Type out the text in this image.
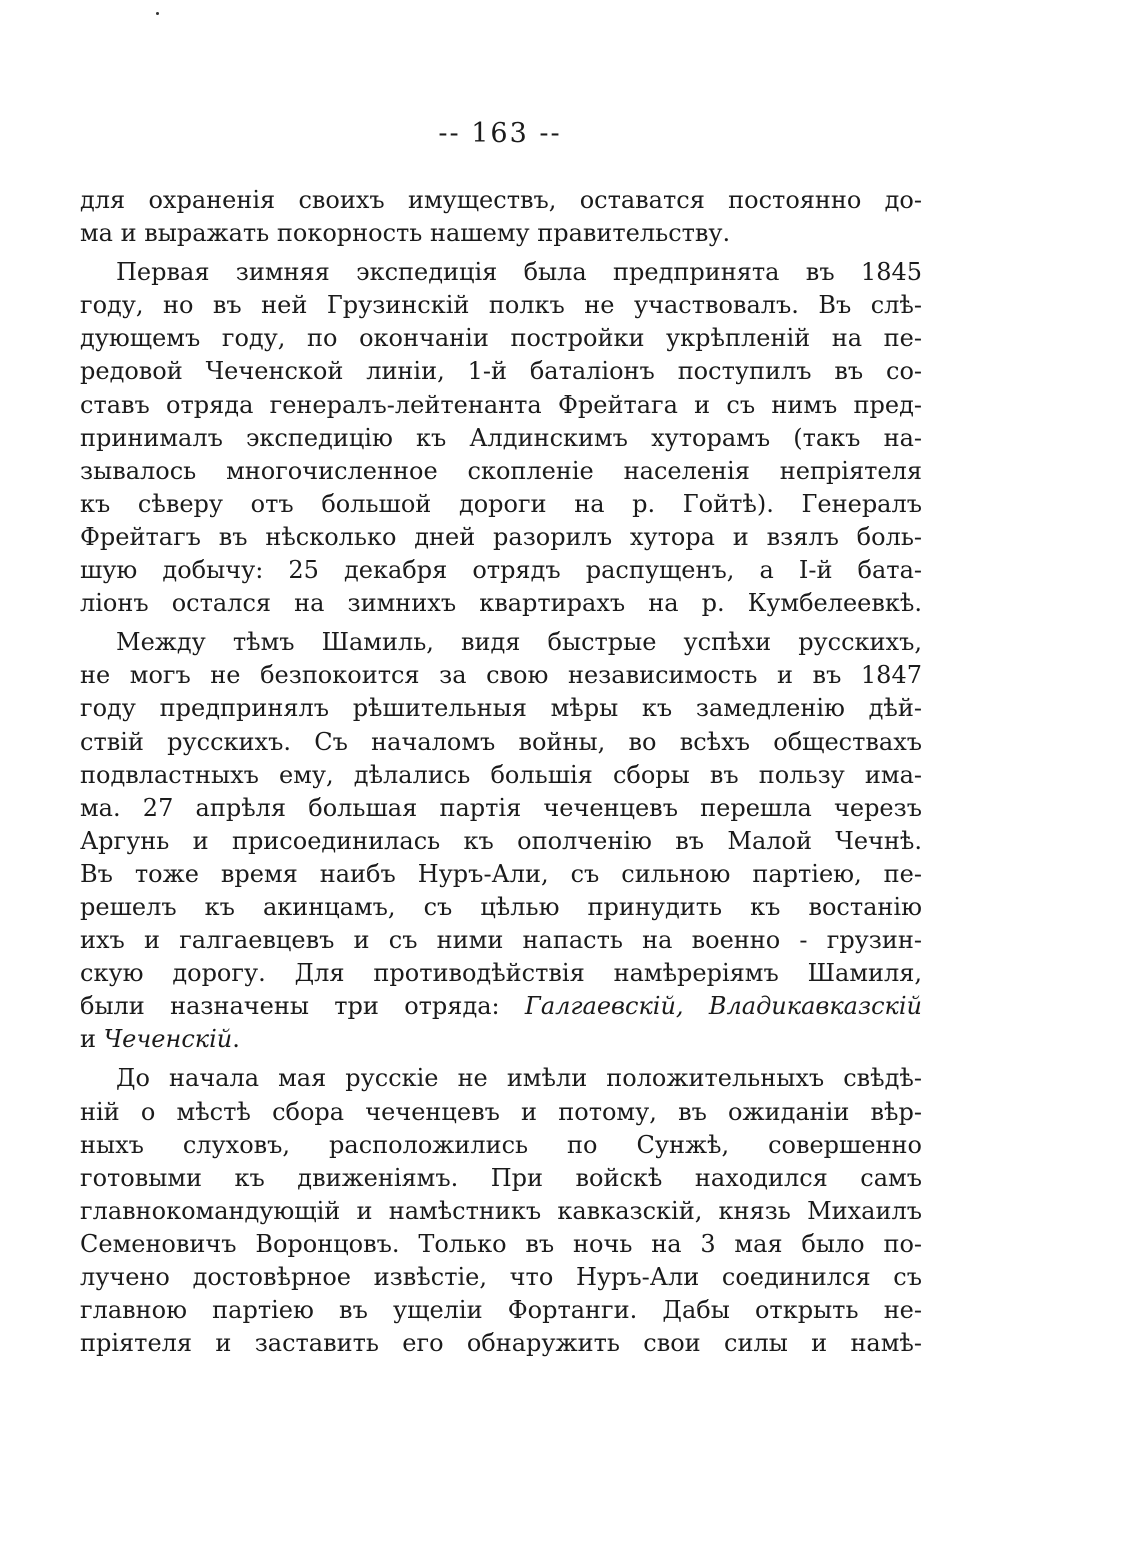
-- 163 --
для охраненія своихъ имуществъ, оставатся постоянно до-
ма и выражать покорность нашему правительству.
Первая зимняя экспедиція была предпринята въ 1845
году, но въ ней Грузинскій полкъ не участвовалъ. Въ слѣ-
дующемъ году, по окончаніи постройки укрѣпленій на пе-
редовой Чеченской линіи, 1-й баталіонъ поступилъ въ со-
ставъ отряда генералъ-лейтенанта Фрейтага и съ нимъ пред-
принималъ экспедицію къ Алдинскимъ хуторамъ (такъ на-
зывалось многочисленное скопленіе населенія непріятеля
къ сѣверу отъ большой дороги на р. Гойтѣ). Генералъ
Фрейтагъ въ нѣсколько дней разорилъ хутора и взялъ боль-
шую добычу: 25 декабря отрядъ распущенъ, а I-й бата-
ліонъ остался на зимнихъ квартирахъ на р. Кумбелеевкѣ.
Между тѣмъ Шамиль, видя быстрые успѣхи русскихъ,
не могъ не безпокоится за свою независимость и въ 1847
году предпринялъ рѣшительныя мѣры къ замедленію дѣй-
ствій русскихъ. Съ началомъ войны, во всѣхъ обществахъ
подвластныхъ ему, дѣлались большія сборы въ пользу има-
ма. 27 апрѣля большая партія чеченцевъ перешла черезъ
Аргунь и присоединилась къ ополченію въ Малой Чечнѣ.
Въ тоже время наибъ Нуръ-Али, съ сильною партіею, пе-
решелъ къ акинцамъ, съ цѣлью принудить къ востанію
ихъ и галгаевцевъ и съ ними напасть на военно - грузин-
скую дорогу. Для противодѣйствія намѣреріямъ Шамиля,
были назначены три отряда: Галгаевскій, Владикавказскій
и Чеченскій.
До начала мая русскіе не имѣли положительныхъ свѣдѣ-
ній о мѣстѣ сбора чеченцевъ и потому, въ ожиданіи вѣр-
ныхъ слуховъ, расположились по Сунжѣ, совершенно
готовыми къ движеніямъ. При войскѣ находился самъ
главнокомандующій и намѣстникъ кавказскій, князь Михаилъ
Семеновичъ Воронцовъ. Только въ ночь на 3 мая было по-
лучено достовѣрное извѣстіе, что Нуръ-Али соединился съ
главною партіею въ ущеліи Фортанги. Дабы открыть не-
пріятеля и заставить его обнаружить свои силы и намѣ-
